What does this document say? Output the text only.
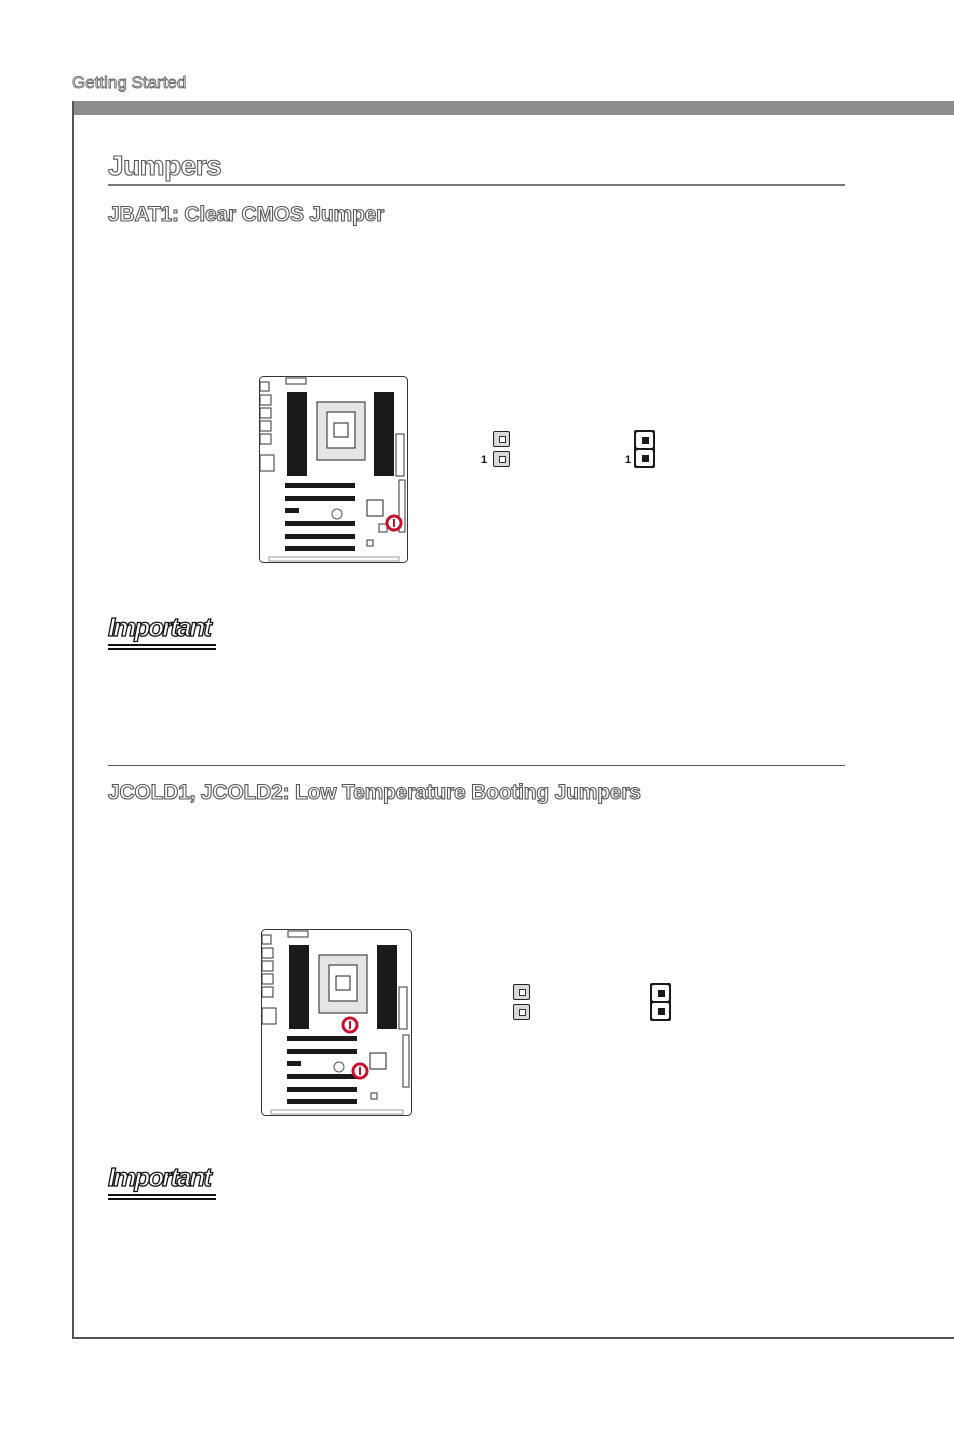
Getting Started
Jumpers
JBAT1: Clear CMOS Jumper
1	1
Important
JCOLD1, JCOLD2: Low Temperature Booting Jumpers
Important
